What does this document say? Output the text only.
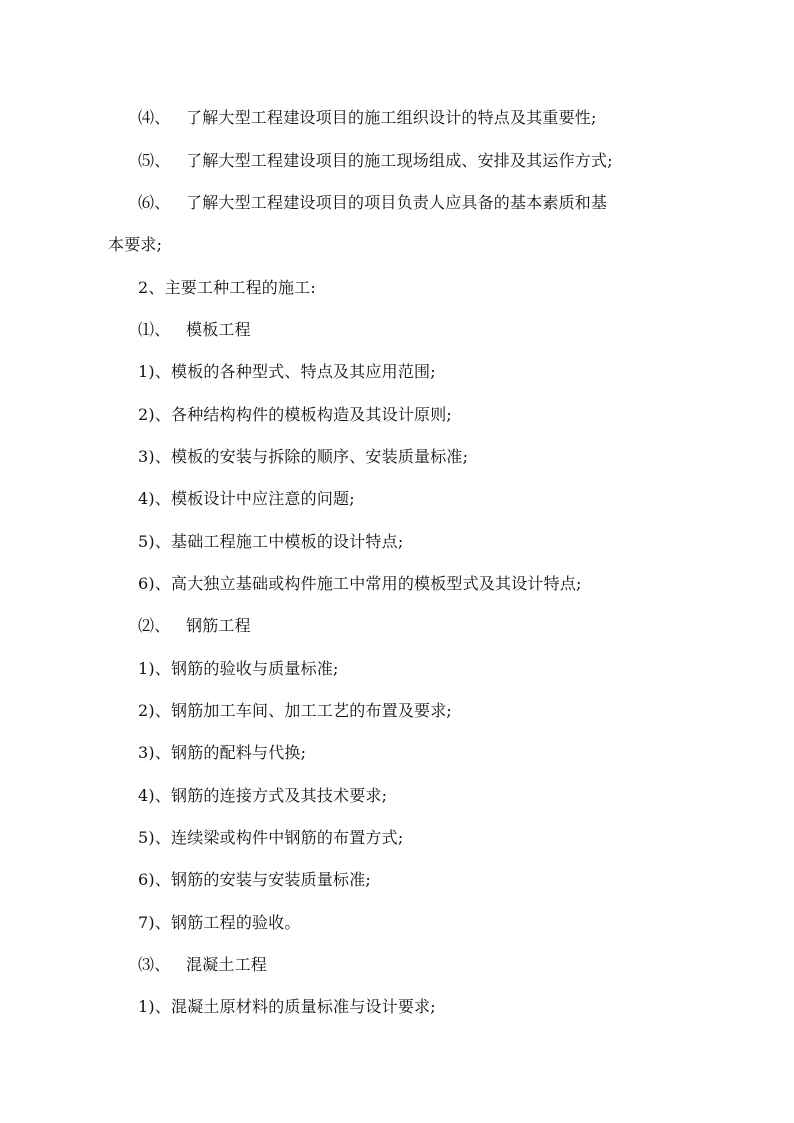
⑷、 了解大型工程建设项目的施工组织设计的特点及其重要性;
⑸、 了解大型工程建设项目的施工现场组成、安排及其运作方式;
⑹、 了解大型工程建设项目的项目负责人应具备的基本素质和基
本要求;
2、主要工种工程的施工:
⑴、 模板工程
1)、模板的各种型式、特点及其应用范围;
2)、各种结构构件的模板构造及其设计原则;
3)、模板的安装与拆除的顺序、安装质量标准;
4)、模板设计中应注意的问题;
5)、基础工程施工中模板的设计特点;
6)、高大独立基础或构件施工中常用的模板型式及其设计特点;
⑵、 钢筋工程
1)、钢筋的验收与质量标准;
2)、钢筋加工车间、加工工艺的布置及要求;
3)、钢筋的配料与代换;
4)、钢筋的连接方式及其技术要求;
5)、连续梁或构件中钢筋的布置方式;
6)、钢筋的安装与安装质量标准;
7)、钢筋工程的验收。
⑶、 混凝土工程
1)、混凝土原材料的质量标准与设计要求;
